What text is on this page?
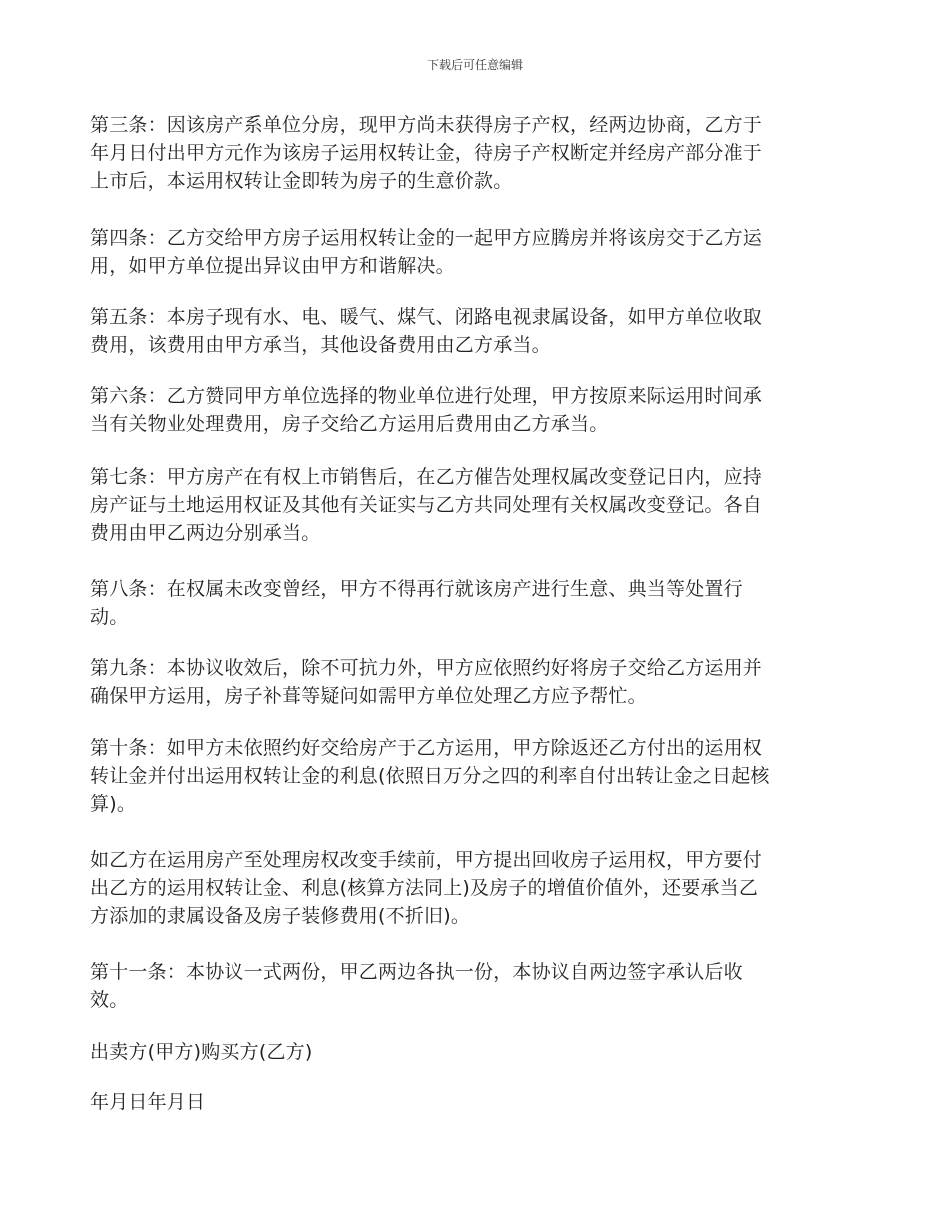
下载后可任意编辑
第三条：因该房产系单位分房，现甲方尚未获得房子产权，经两边协商，乙方于
年月日付出甲方元作为该房子运用权转让金，待房子产权断定并经房产部分准于
上市后，本运用权转让金即转为房子的生意价款。
第四条：乙方交给甲方房子运用权转让金的一起甲方应腾房并将该房交于乙方运
用，如甲方单位提出异议由甲方和谐解决。
第五条：本房子现有水、电、暖气、煤气、闭路电视隶属设备，如甲方单位收取
费用，该费用由甲方承当，其他设备费用由乙方承当。
第六条：乙方赞同甲方单位选择的物业单位进行处理，甲方按原来际运用时间承
当有关物业处理费用，房子交给乙方运用后费用由乙方承当。
第七条：甲方房产在有权上市销售后，在乙方催告处理权属改变登记日内，应持
房产证与土地运用权证及其他有关证实与乙方共同处理有关权属改变登记。各自
费用由甲乙两边分别承当。
第八条：在权属未改变曾经，甲方不得再行就该房产进行生意、典当等处置行
动。
第九条：本协议收效后，除不可抗力外，甲方应依照约好将房子交给乙方运用并
确保甲方运用，房子补葺等疑问如需甲方单位处理乙方应予帮忙。
第十条：如甲方未依照约好交给房产于乙方运用，甲方除返还乙方付出的运用权
转让金并付出运用权转让金的利息(依照日万分之四的利率自付出转让金之日起核
算)。
如乙方在运用房产至处理房权改变手续前，甲方提出回收房子运用权，甲方要付
出乙方的运用权转让金、利息(核算方法同上)及房子的增值价值外，还要承当乙
方添加的隶属设备及房子装修费用(不折旧)。
第十一条：本协议一式两份，甲乙两边各执一份，本协议自两边签字承认后收
效。
出卖方(甲方)购买方(乙方)
年月日年月日
